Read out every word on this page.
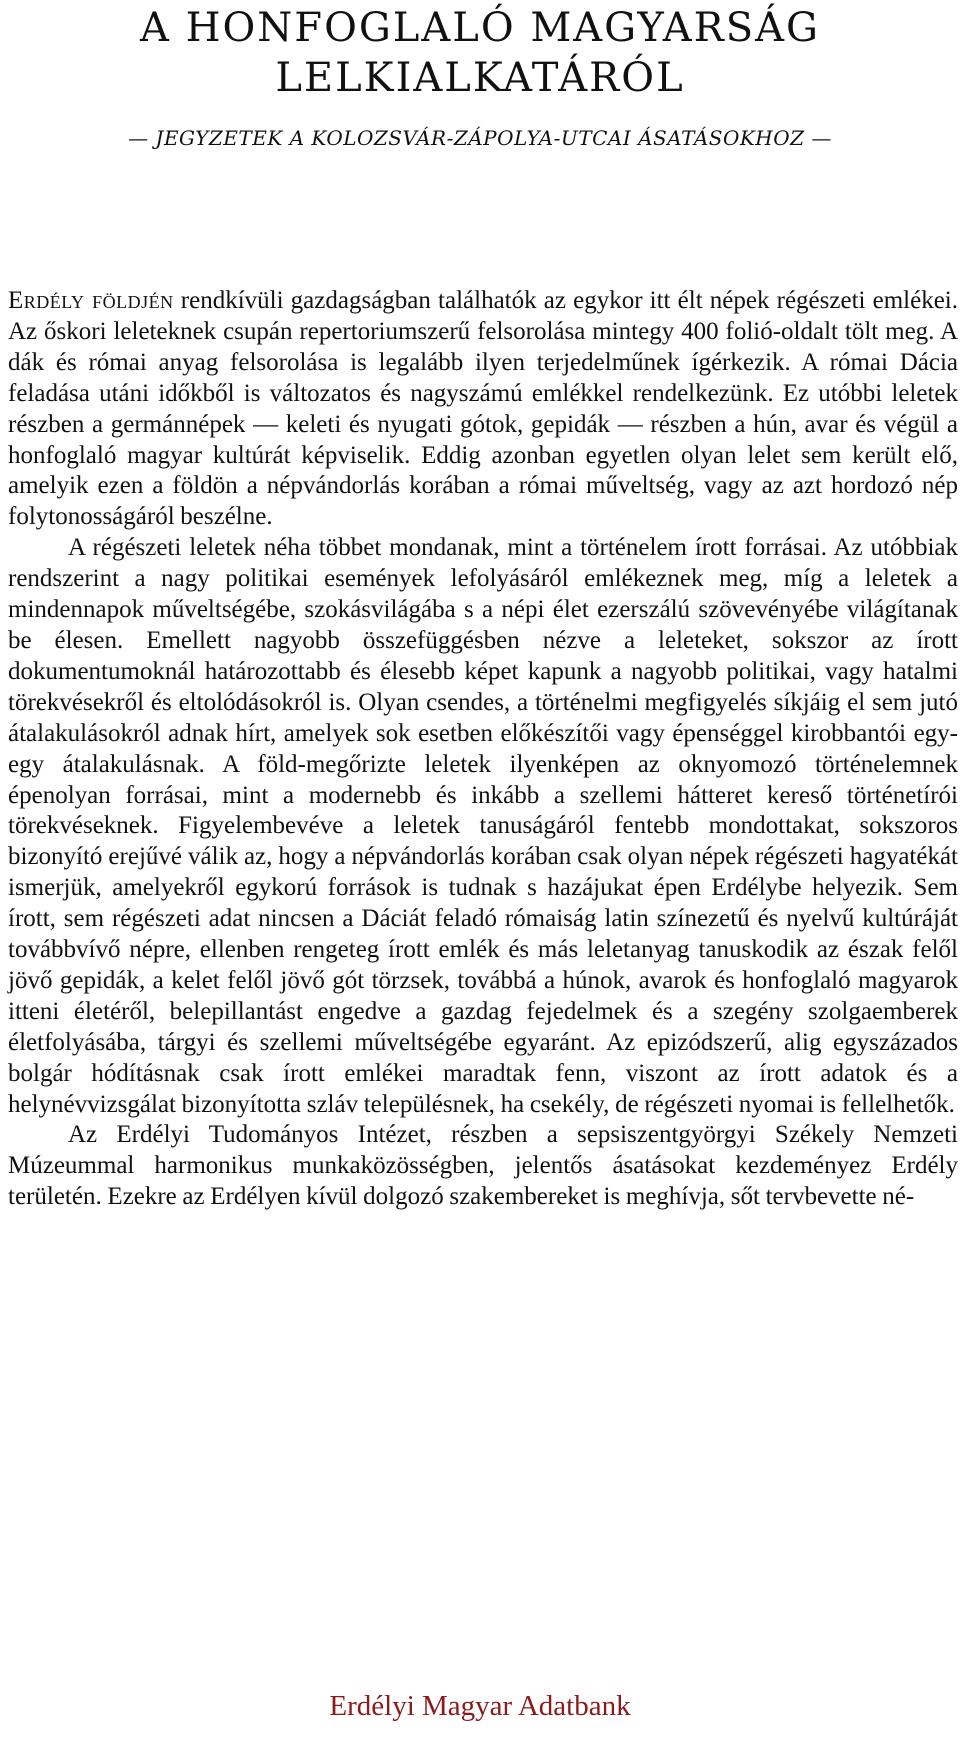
A HONFOGLALÓ MAGYARSÁG
LELKIALKATÁRÓL

— JEGYZETEK A KOLOZSVÁR-ZÁPOLYA-UTCAI ÁSATÁSOKHOZ —

Erdély földjén rendkívüli gazdagságban találhatók az egykor itt élt népek régészeti emlékei. Az őskori leleteknek csupán repertoriumszerű felsorolása mintegy 400 folió-oldalt tölt meg. A dák és római anyag felsorolása is legalább ilyen terjedelműnek ígérkezik. A római Dácia feladása utáni időkből is változatos és nagyszámú emlékkel rendelkezünk. Ez utóbbi leletek részben a germánnépek — keleti és nyugati gótok, gepidák — részben a hún, avar és végül a honfoglaló magyar kultúrát képviselik. Eddig azonban egyetlen olyan lelet sem került elő, amelyik ezen a földön a népvándorlás korában a római műveltség, vagy az azt hordozó nép folytonosságáról beszélne.

A régészeti leletek néha többet mondanak, mint a történelem írott forrásai. Az utóbbiak rendszerint a nagy politikai események lefolyásáról emlékeznek meg, míg a leletek a mindennapok műveltségébe, szokásvilágába s a népi élet ezerszálú szövevényébe világítanak be élesen. Emellett nagyobb összefüggésben nézve a leleteket, sokszor az írott dokumentumoknál határozottabb és élesebb képet kapunk a nagyobb politikai, vagy hatalmi törekvésekről és eltolódásokról is. Olyan csendes, a történelmi megfigyelés síkjáig el sem jutó átalakulásokról adnak hírt, amelyek sok esetben előkészítői vagy épenséggel kirobbantói egy-egy átalakulásnak. A föld-megőrizte leletek ilyenképen az oknyomozó történelemnek épenolyan forrásai, mint a modernebb és inkább a szellemi hátteret kereső történetírói törekvéseknek. Figyelembevéve a leletek tanuságáról fentebb mondottakat, sokszoros bizonyító erejűvé válik az, hogy a népvándorlás korában csak olyan népek régészeti hagyatékát ismerjük, amelyekről egykorú források is tudnak s hazájukat épen Erdélybe helyezik. Sem írott, sem régészeti adat nincsen a Dáciát feladó rómaiság latin színezetű és nyelvű kultúráját továbbvívő népre, ellenben rengeteg írott emlék és más leletanyag tanuskodik az észak felől jövő gepidák, a kelet felől jövő gót törzsek, továbbá a húnok, avarok és honfoglaló magyarok itteni életéről, belepillantást engedve a gazdag fejedelmek és a szegény szolgaemberek életfolyásába, tárgyi és szellemi műveltségébe egyaránt. Az epizódszerű, alig egyszázados bolgár hódításnak csak írott emlékei maradtak fenn, viszont az írott adatok és a helynévvizsgálat bizonyította szláv településnek, ha csekély, de régészeti nyomai is fellelhetők.

Az Erdélyi Tudományos Intézet, részben a sepsiszentgyörgyi Székely Nemzeti Múzeummal harmonikus munkaközösségben, jelentős ásatásokat kezdeményez Erdély területén. Ezekre az Erdélyen kívül dolgozó szakembereket is meghívja, sőt tervbevette né-

Erdélyi Magyar Adatbank
